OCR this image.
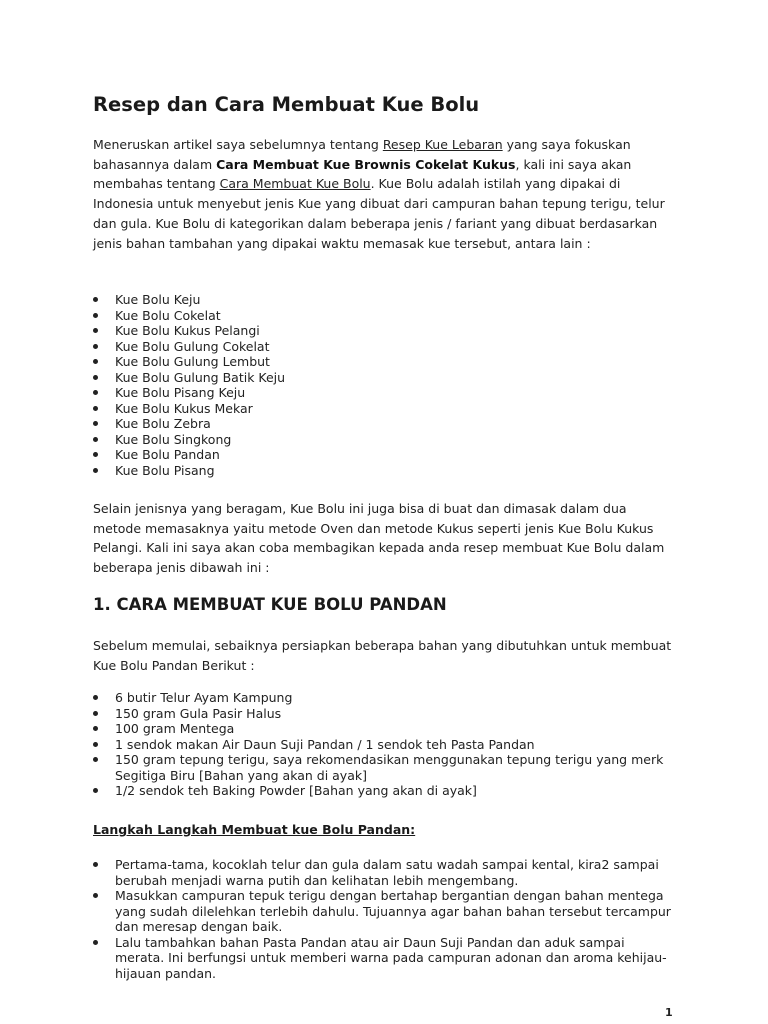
Resep dan Cara Membuat Kue Bolu

Meneruskan artikel saya sebelumnya tentang Resep Kue Lebaran yang saya fokuskan bahasannya dalam Cara Membuat Kue Brownis Cokelat Kukus, kali ini saya akan membahas tentang Cara Membuat Kue Bolu. Kue Bolu adalah istilah yang dipakai di Indonesia untuk menyebut jenis Kue yang dibuat dari campuran bahan tepung terigu, telur dan gula. Kue Bolu di kategorikan dalam beberapa jenis / fariant yang dibuat berdasarkan jenis bahan tambahan yang dipakai waktu memasak kue tersebut, antara lain :

Kue Bolu Keju
Kue Bolu Cokelat
Kue Bolu Kukus Pelangi
Kue Bolu Gulung Cokelat
Kue Bolu Gulung Lembut
Kue Bolu Gulung Batik Keju
Kue Bolu Pisang Keju
Kue Bolu Kukus Mekar
Kue Bolu Zebra
Kue Bolu Singkong
Kue Bolu Pandan
Kue Bolu Pisang

Selain jenisnya yang beragam, Kue Bolu ini juga bisa di buat dan dimasak dalam dua metode memasaknya yaitu metode Oven dan metode Kukus seperti jenis Kue Bolu Kukus Pelangi. Kali ini saya akan coba membagikan kepada anda resep membuat Kue Bolu dalam beberapa jenis dibawah ini :

1. CARA MEMBUAT KUE BOLU PANDAN

Sebelum memulai, sebaiknya persiapkan beberapa bahan yang dibutuhkan untuk membuat Kue Bolu Pandan Berikut :

6 butir Telur Ayam Kampung
150 gram Gula Pasir Halus
100 gram Mentega
1 sendok makan Air Daun Suji Pandan / 1 sendok teh Pasta Pandan
150 gram tepung terigu, saya rekomendasikan menggunakan tepung terigu yang merk Segitiga Biru [Bahan yang akan di ayak]
1/2 sendok teh Baking Powder [Bahan yang akan di ayak]
Langkah Langkah Membuat kue Bolu Pandan:
Pertama-tama, kocoklah telur dan gula dalam satu wadah sampai kental, kira2 sampai berubah menjadi warna putih dan kelihatan lebih mengembang.
Masukkan campuran tepuk terigu dengan bertahap bergantian dengan bahan mentega yang sudah dilelehkan terlebih dahulu. Tujuannya agar bahan bahan tersebut tercampur dan meresap dengan baik.
Lalu tambahkan bahan Pasta Pandan atau air Daun Suji Pandan dan aduk sampai merata. Ini berfungsi untuk memberi warna pada campuran adonan dan aroma kehijau-hijauan pandan.
1
